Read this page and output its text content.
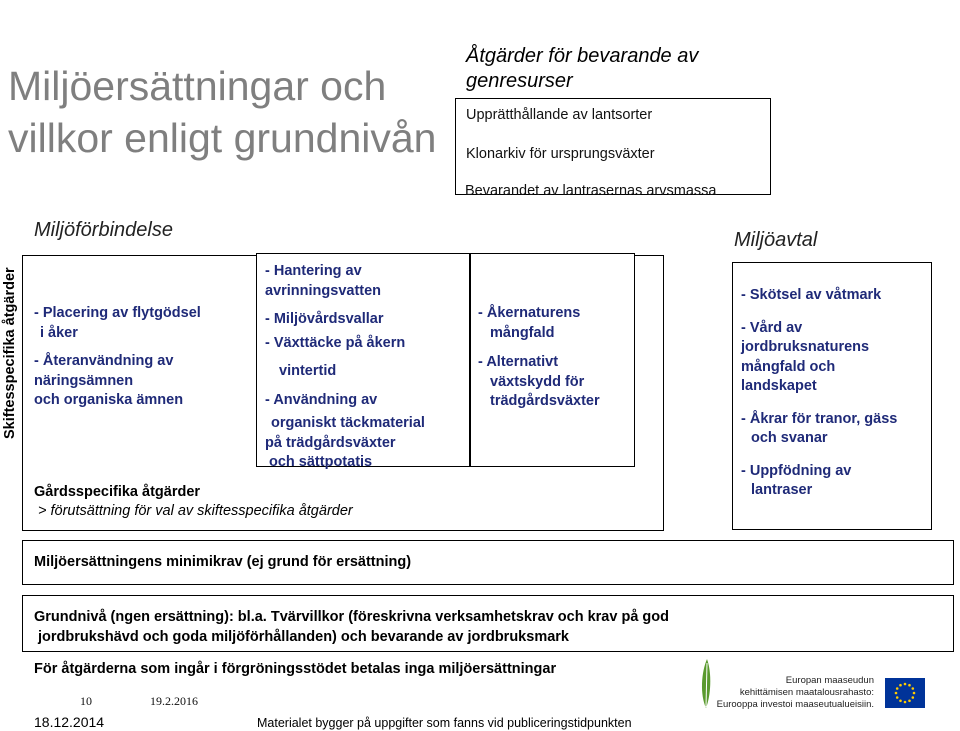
Miljöersättningar och
villkor enligt grundnivån
Åtgärder för bevarande av
genresurser
Upprätthållande av lantsorter
Klonarkiv för ursprungsväxter
Bevarandet av lantrasernas arvsmassa
Miljöförbindelse	Miljöavtal
Skiftesspecifika åtgärder - Placering av flytgödsel

i åker

- Återanvändning av

näringsämnen

och organiska ämnen

- Hantering av

avrinningsvatten

- Miljövårdsvallar

- Växttäcke på åkern

vintertid

- Användning av

organiskt täckmaterial

på trädgårdsväxter

och sättpotatis

- Åkernaturens

mångfald

- Alternativt

växtskydd för

trädgårdsväxter

Gårdsspecifika åtgärder
> förutsättning för val av skiftesspecifika åtgärder

- Skötsel av våtmark

- Vård av

jordbruksnaturens

mångfald och

landskapet

- Åkrar för tranor, gäss

och svanar

- Uppfödning av

lantraser

Miljöersättningens minimikrav (ej grund för ersättning)
Grundnivå (ngen ersättning): bl.a. Tvärvillkor (föreskrivna verksamhetskrav och krav på god
jordbrukshävd och goda miljöförhållanden) och bevarande av jordbruksmark
För åtgärderna som ingår i förgröningsstödet betalas inga miljöersättningar
10	19.2.2016
18.12.2014	Materialet bygger på uppgifter som fanns vid publiceringstidpunkten
Europan maaseudun
kehittämisen maatalousrahasto:
Eurooppa investoi maaseutualueisiin.
